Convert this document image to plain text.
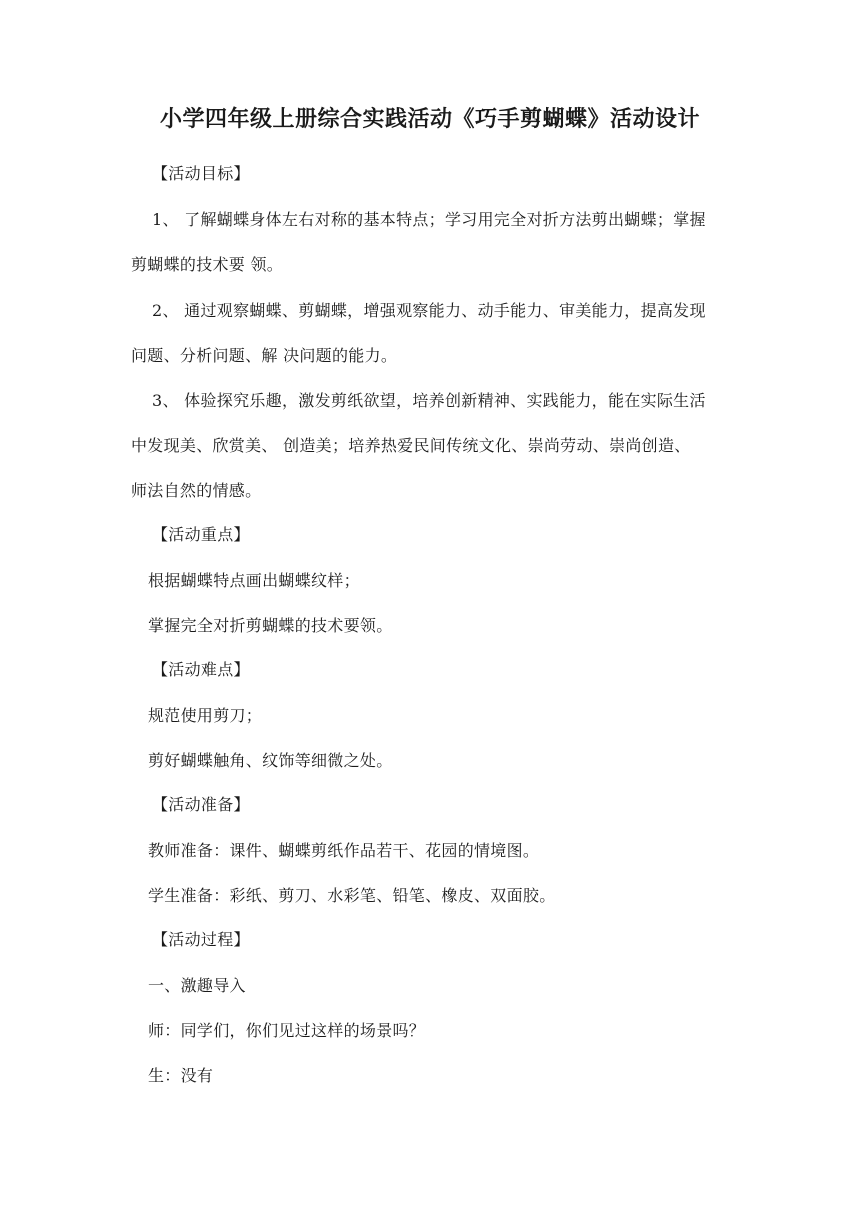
小学四年级上册综合实践活动《巧手剪蝴蝶》活动设计
【活动目标】
1、 了解蝴蝶身体左右对称的基本特点；学习用完全对折方法剪出蝴蝶；掌握
剪蝴蝶的技术要 领。
2、 通过观察蝴蝶、剪蝴蝶，增强观察能力、动手能力、审美能力，提高发现
问题、分析问题、解 决问题的能力。
3、 体验探究乐趣，激发剪纸欲望，培养创新精神、实践能力，能在实际生活
中发现美、欣赏美、 创造美；培养热爱民间传统文化、崇尚劳动、崇尚创造、
师法自然的情感。
【活动重点】
根据蝴蝶特点画出蝴蝶纹样；
掌握完全对折剪蝴蝶的技术要领。
【活动难点】
规范使用剪刀；
剪好蝴蝶触角、纹饰等细微之处。
【活动准备】
教师准备：课件、蝴蝶剪纸作品若干、花园的情境图。
学生准备：彩纸、剪刀、水彩笔、铅笔、橡皮、双面胶。
【活动过程】
一、激趣导入
师：同学们，你们见过这样的场景吗？
生：没有
